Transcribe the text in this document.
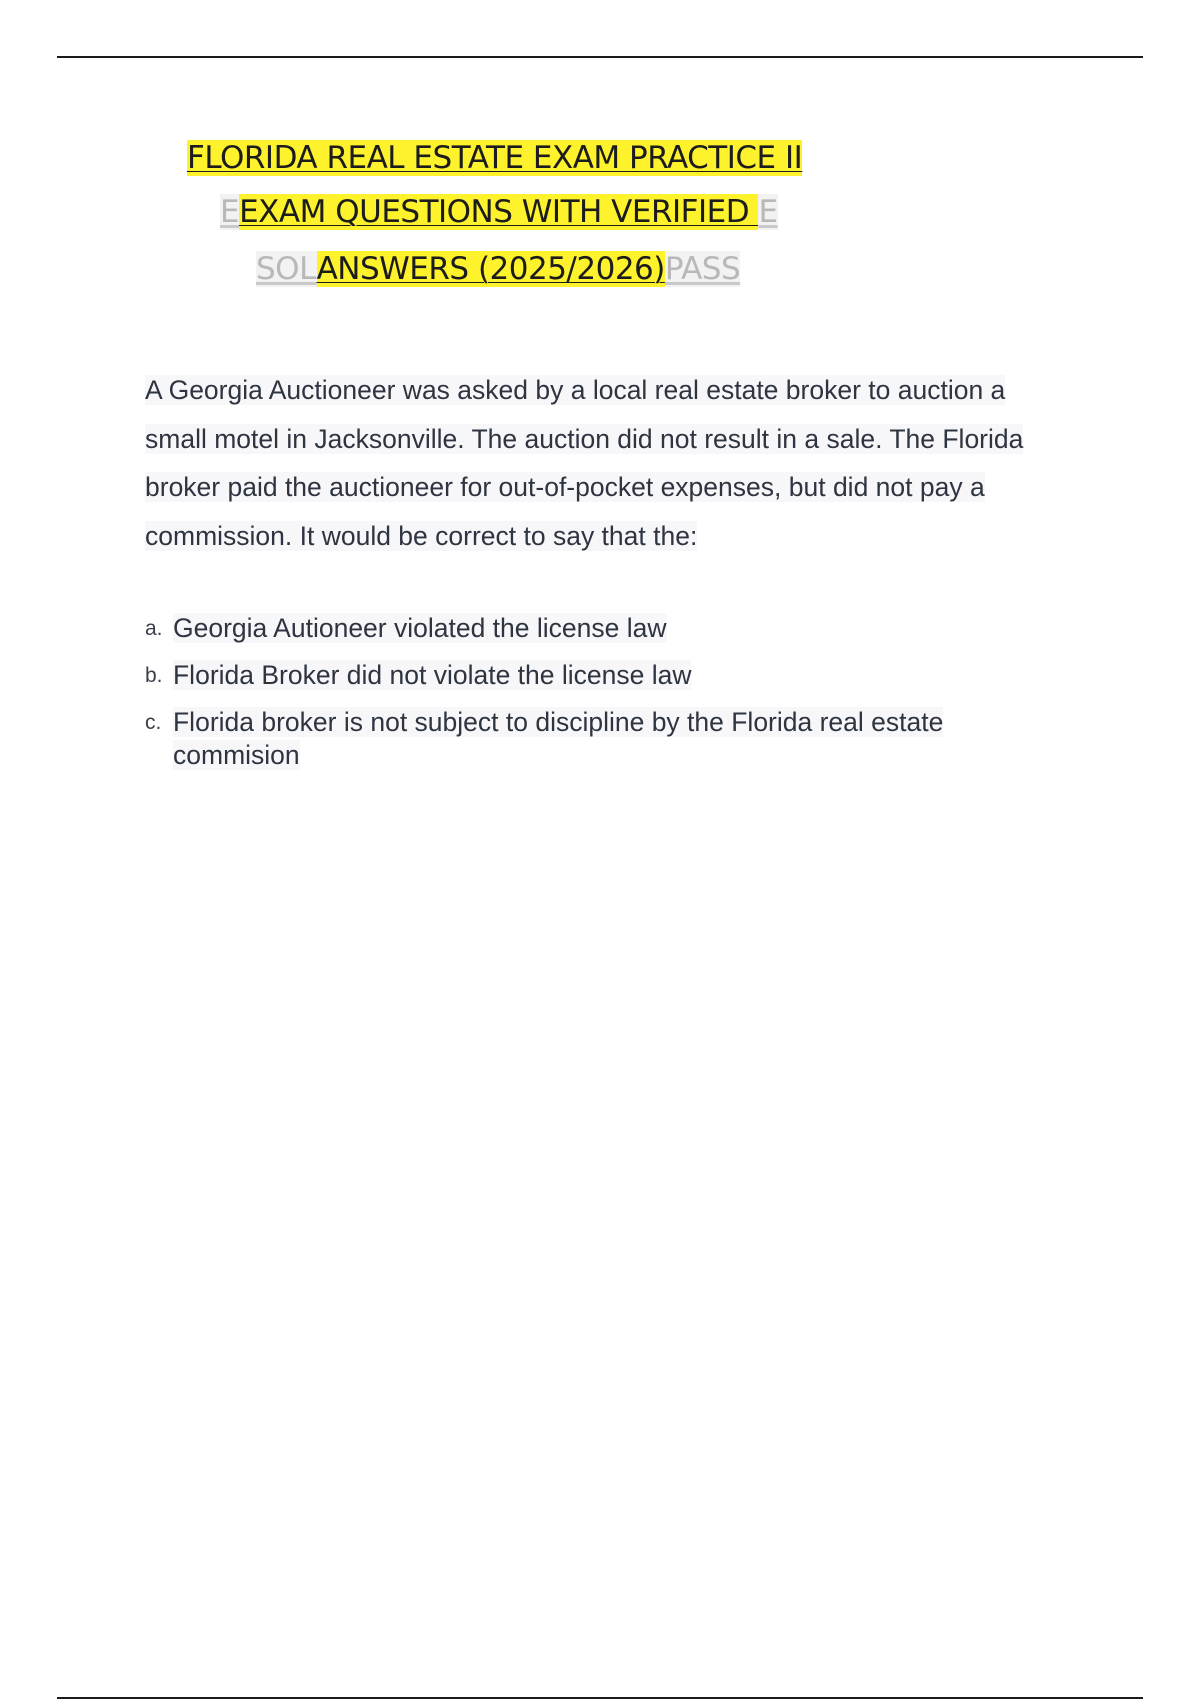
FLORIDA REAL ESTATE EXAM PRACTICE II
EEXAM QUESTIONS WITH VERIFIED E
SOLANSWERS (2025/2026)PASS
A Georgia Auctioneer was asked by a local real estate broker to auction a
small motel in Jacksonville. The auction did not result in a sale. The Florida
broker paid the auctioneer for out-of-pocket expenses, but did not pay a
commission. It would be correct to say that the:
a. Georgia Autioneer violated the license law
b. Florida Broker did not violate the license law
c. Florida broker is not subject to discipline by the Florida real estate commision
